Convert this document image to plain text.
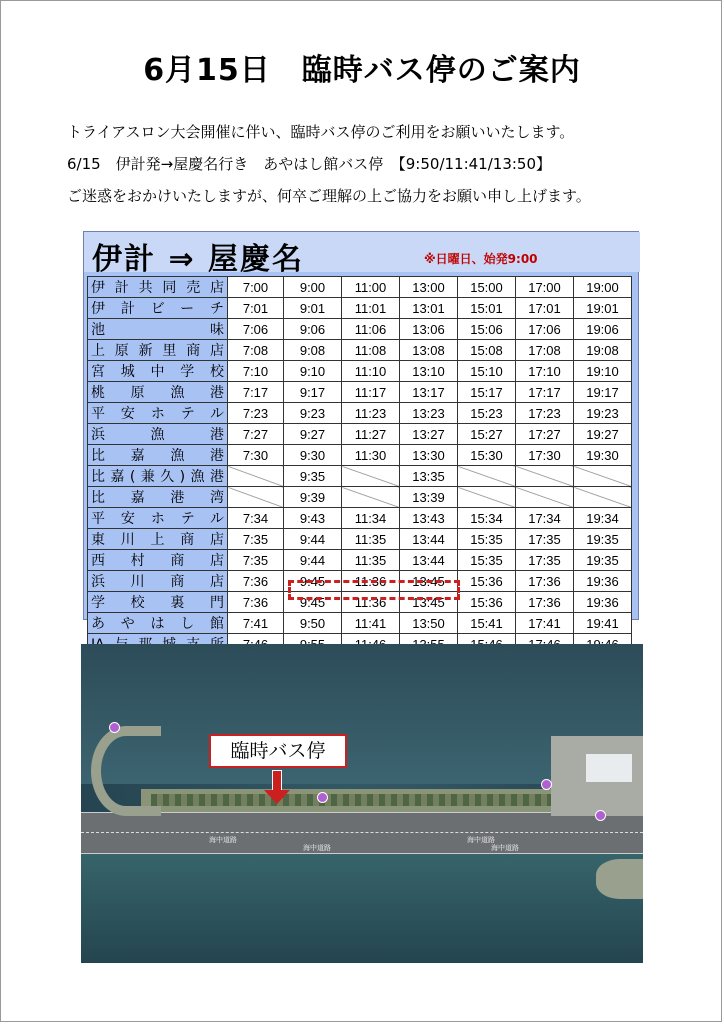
6月15日　臨時バス停のご案内
トライアスロン大会開催に伴い、臨時バス停のご利用をお願いいたします。
6/15　伊計発→屋慶名行き　あやはし館バス停　【9:50/11:41/13:50】
ご迷惑をおかけいたしますが、何卒ご理解の上ご協力をお願い申し上げます。
伊計 ⇒ 屋慶名	※日曜日、始発9:00
伊計共同売店	7:00	9:00	11:00	13:00	15:00	17:00	19:00
伊計ビーチ	7:01	9:01	11:01	13:01	15:01	17:01	19:01
池味	7:06	9:06	11:06	13:06	15:06	17:06	19:06
上原新里商店	7:08	9:08	11:08	13:08	15:08	17:08	19:08
宮城中学校	7:10	9:10	11:10	13:10	15:10	17:10	19:10
桃原漁港	7:17	9:17	11:17	13:17	15:17	17:17	19:17
平安ホテル	7:23	9:23	11:23	13:23	15:23	17:23	19:23
浜漁港	7:27	9:27	11:27	13:27	15:27	17:27	19:27
比嘉漁港	7:30	9:30	11:30	13:30	15:30	17:30	19:30
比嘉(兼久)漁港		9:35		13:35			
比嘉港湾		9:39		13:39			
平安ホテル	7:34	9:43	11:34	13:43	15:34	17:34	19:34
東川上商店	7:35	9:44	11:35	13:44	15:35	17:35	19:35
西村商店	7:35	9:44	11:35	13:44	15:35	17:35	19:35
浜川商店	7:36	9:45	11:36	13:45	15:36	17:36	19:36
学校裏門	7:36	9:45	11:36	13:45	15:36	17:36	19:36
あやはし館	7:41	9:50	11:41	13:50	15:41	17:41	19:41

海中道路
海中道路
海中道路
海中道路
臨時バス停
